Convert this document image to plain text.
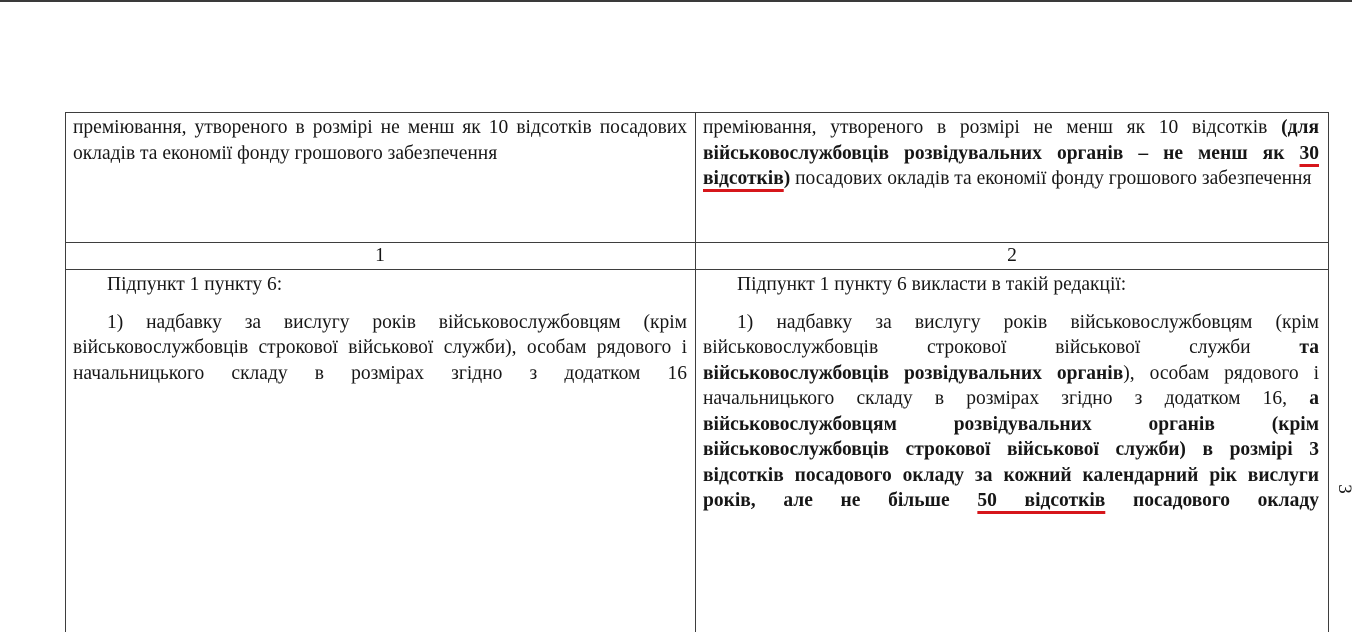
преміювання, утвореного в розмірі не менш як 10 відсотків посадових окладів та економії фонду грошового забезпечення

преміювання, утвореного в розмірі не менш як 10 відсотків (для військовослужбовців розвідувальних органів – не менш як 30 відсотків) посадових окладів та економії фонду грошового забезпечення

1	2

Підпункт 1 пункту 6:

1) надбавку за вислугу років військовослужбовцям (крім військовослужбовців строкової військової служби), особам рядового і начальницького складу в розмірах згідно з додатком 16

Підпункт 1 пункту 6 викласти в такій редакції:

1) надбавку за вислугу років військовослужбовцям (крім військовослужбовців строкової військової служби та військовослужбовців розвідувальних органів), особам рядового і начальницького складу в розмірах згідно з додатком 16, а військовослужбовцям розвідувальних органів (крім військовослужбовців строкової військової служби) в розмірі 3 відсотків посадового окладу за кожний календарний рік вислуги років, але не більше 50 відсотків посадового окладу

3
